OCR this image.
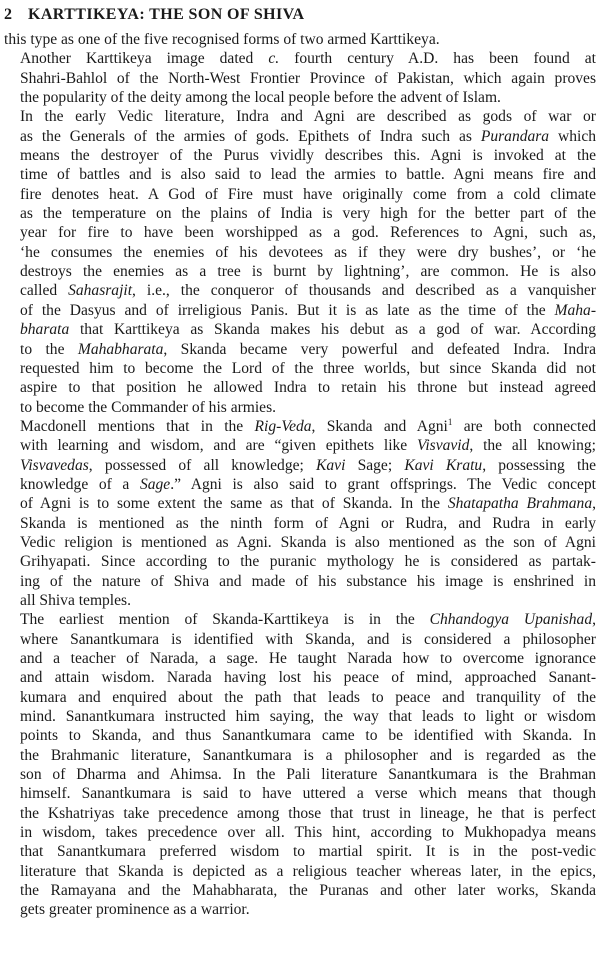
2 KARTTIKEYA: THE SON OF SHIVA

this type as one of the five recognised forms of two armed Karttikeya.

Another Karttikeya image dated c. fourth century A.D. has been found at
Shahri-Bahlol of the North-West Frontier Province of Pakistan, which again proves
the popularity of the deity among the local people before the advent of Islam.

In the early Vedic literature, Indra and Agni are described as gods of war or
as the Generals of the armies of gods. Epithets of Indra such as Purandara which
means the destroyer of the Purus vividly describes this. Agni is invoked at the
time of battles and is also said to lead the armies to battle. Agni means fire and
fire denotes heat. A God of Fire must have originally come from a cold climate
as the temperature on the plains of India is very high for the better part of the
year for fire to have been worshipped as a god. References to Agni, such as,
‘he consumes the enemies of his devotees as if they were dry bushes’, or ‘he
destroys the enemies as a tree is burnt by lightning’, are common. He is also
called Sahasrajit, i.e., the conqueror of thousands and described as a vanquisher
of the Dasyus and of irreligious Panis. But it is as late as the time of the Maha-
bharata that Karttikeya as Skanda makes his debut as a god of war. According
to the Mahabharata, Skanda became very powerful and defeated Indra. Indra
requested him to become the Lord of the three worlds, but since Skanda did not
aspire to that position he allowed Indra to retain his throne but instead agreed
to become the Commander of his armies.

Macdonell mentions that in the Rig-Veda, Skanda and Agni$^1$ are both connected
with learning and wisdom, and are “given epithets like Visvavid, the all knowing;
Visvavedas, possessed of all knowledge; Kavi Sage; Kavi Kratu, possessing the
knowledge of a Sage.” Agni is also said to grant offsprings. The Vedic concept
of Agni is to some extent the same as that of Skanda. In the Shatapatha Brahmana,
Skanda is mentioned as the ninth form of Agni or Rudra, and Rudra in early
Vedic religion is mentioned as Agni. Skanda is also mentioned as the son of Agni
Grihyapati. Since according to the puranic mythology he is considered as partak-
ing of the nature of Shiva and made of his substance his image is enshrined in
all Shiva temples.

The earliest mention of Skanda-Karttikeya is in the Chhandogya Upanishad,
where Sanantkumara is identified with Skanda, and is considered a philosopher
and a teacher of Narada, a sage. He taught Narada how to overcome ignorance
and attain wisdom. Narada having lost his peace of mind, approached Sanant-
kumara and enquired about the path that leads to peace and tranquility of the
mind. Sanantkumara instructed him saying, the way that leads to light or wisdom
points to Skanda, and thus Sanantkumara came to be identified with Skanda. In
the Brahmanic literature, Sanantkumara is a philosopher and is regarded as the
son of Dharma and Ahimsa. In the Pali literature Sanantkumara is the Brahman
himself. Sanantkumara is said to have uttered a verse which means that though
the Kshatriyas take precedence among those that trust in lineage, he that is perfect
in wisdom, takes precedence over all. This hint, according to Mukhopadya means
that Sanantkumara preferred wisdom to martial spirit. It is in the post-vedic
literature that Skanda is depicted as a religious teacher whereas later, in the epics,
the Ramayana and the Mahabharata, the Puranas and other later works, Skanda
gets greater prominence as a warrior.
